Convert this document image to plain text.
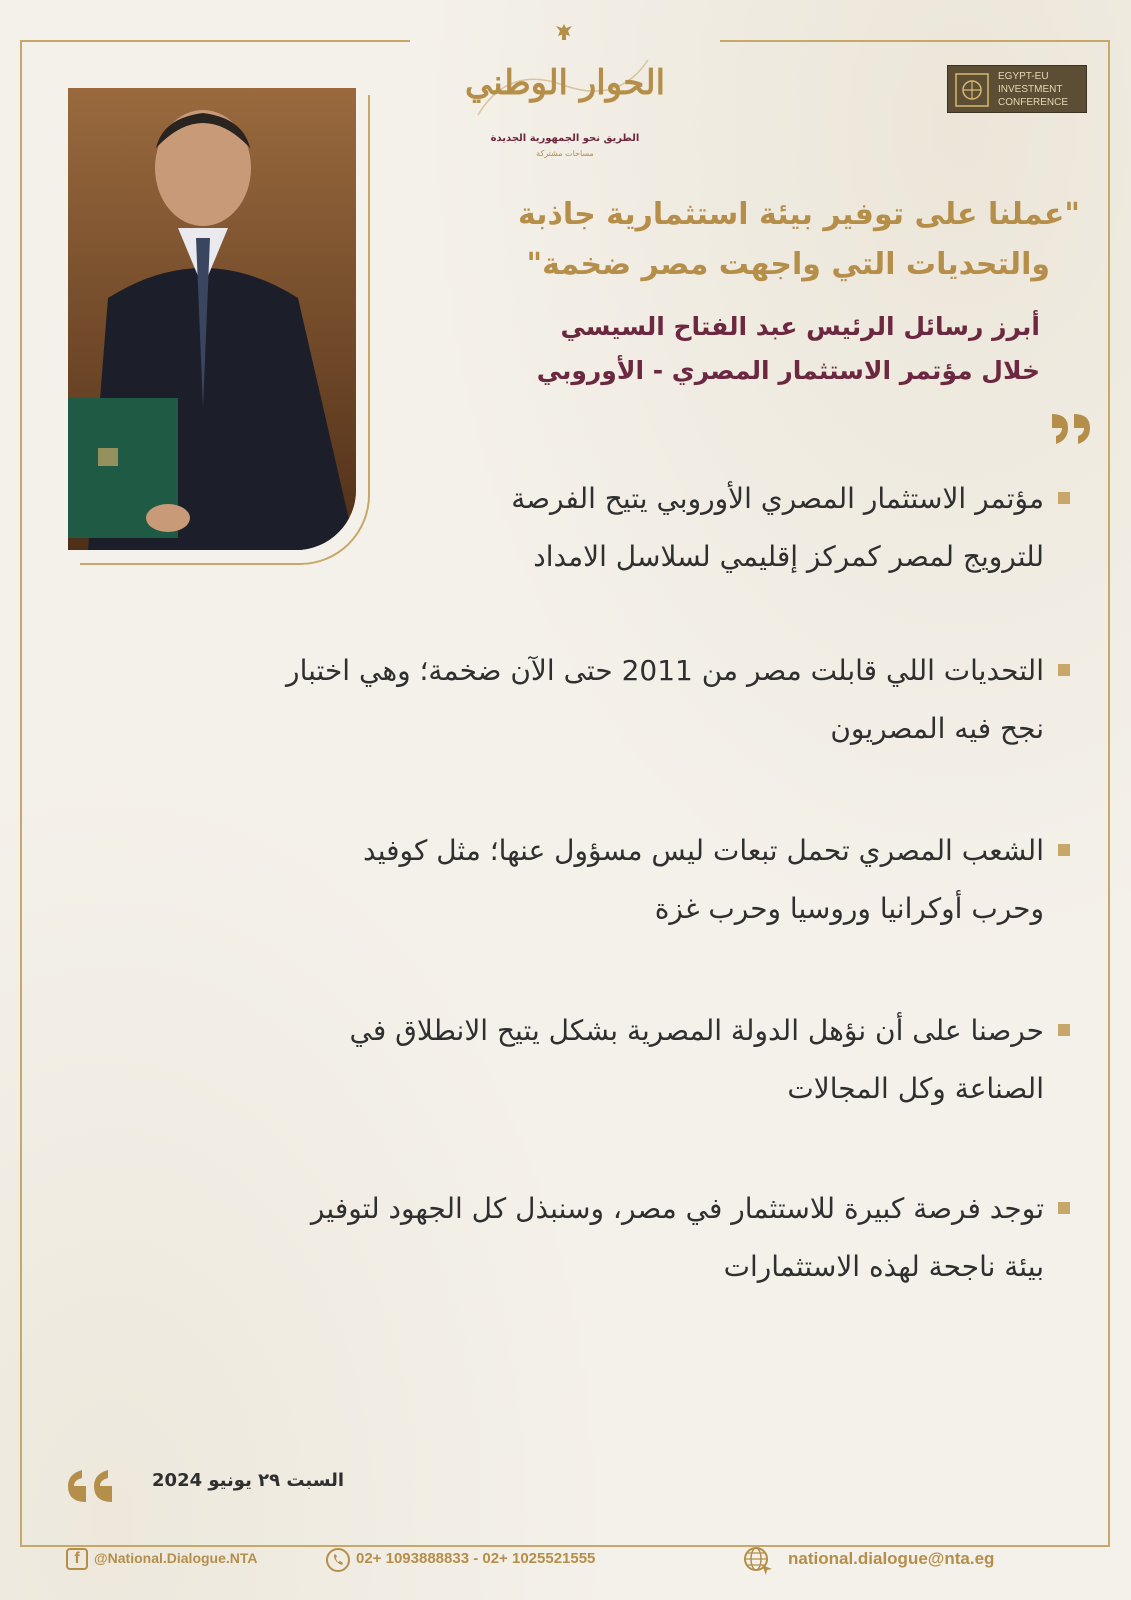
الحوار الوطني
الطريق نحو الجمهورية الجديدة
مساحات مشتركة
EGYPT-EU
INVESTMENT
CONFERENCE
"عملنا على توفير بيئة استثمارية جاذبة
والتحديات التي واجهت مصر ضخمة"
أبرز رسائل الرئيس عبد الفتاح السيسي
خلال مؤتمر الاستثمار المصري - الأوروبي
مؤتمر الاستثمار المصري الأوروبي يتيح الفرصة
للترويج لمصر كمركز إقليمي لسلاسل الامداد
التحديات اللي قابلت مصر من 2011 حتى الآن ضخمة؛ وهي اختبار
نجح فيه المصريون
الشعب المصري تحمل تبعات ليس مسؤول عنها؛ مثل كوفيد
وحرب أوكرانيا وروسيا وحرب غزة
حرصنا على أن نؤهل الدولة المصرية بشكل يتيح الانطلاق في
الصناعة وكل المجالات
توجد فرصة كبيرة للاستثمار في مصر، وسنبذل كل الجهود لتوفير
بيئة ناجحة لهذه الاستثمارات
السبت ٢٩ يونيو 2024
f	@National.Dialogue.NTA	02+ 1093888833 - 02+ 1025521555	national.dialogue@nta.eg
